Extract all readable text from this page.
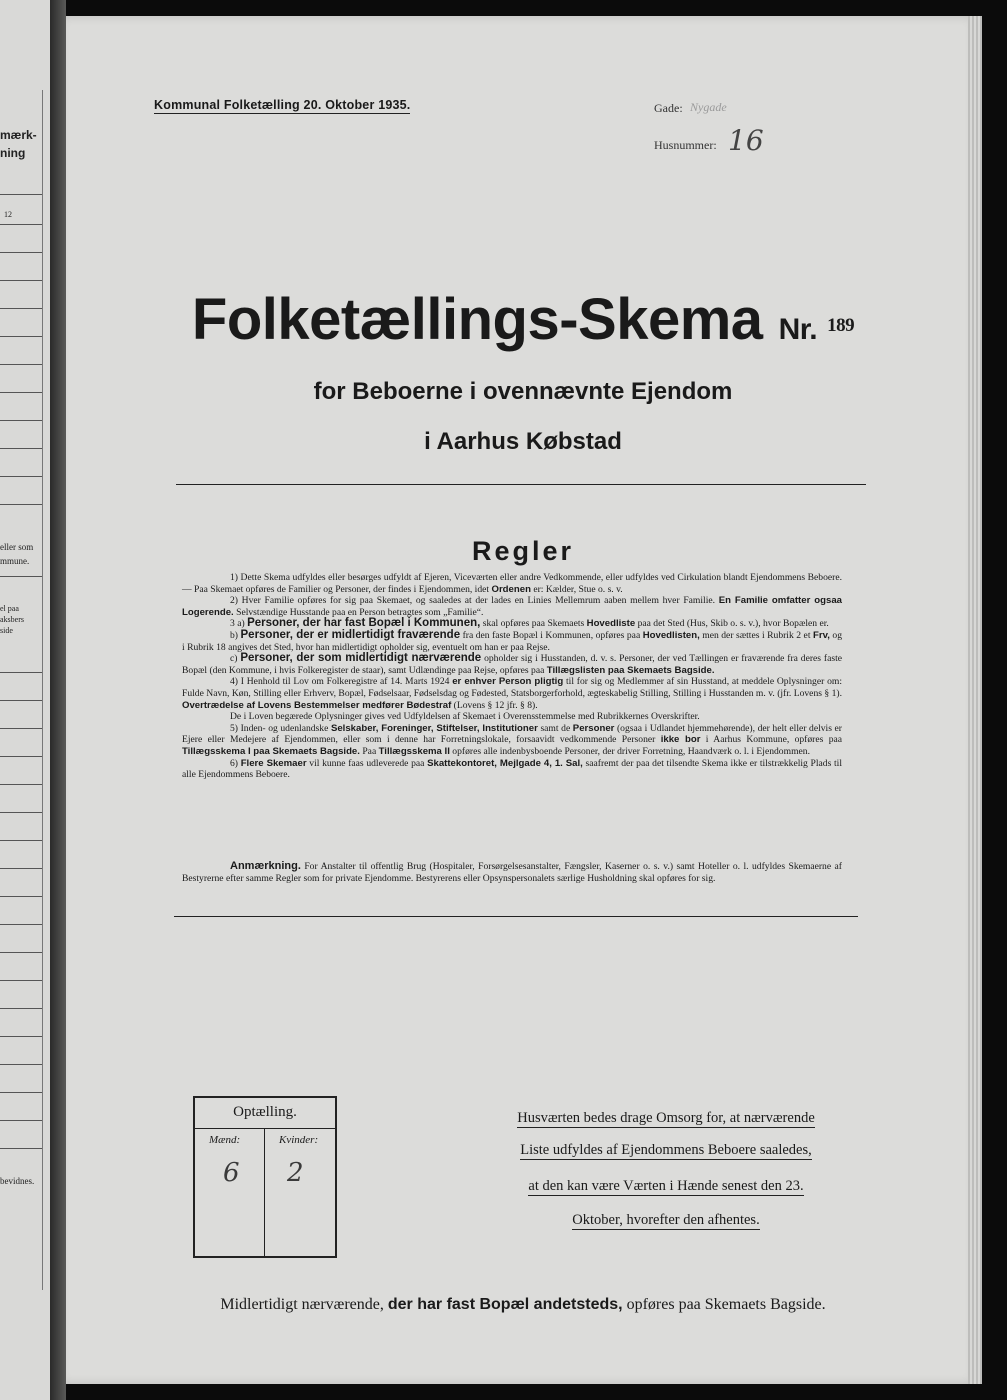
mærk-
ning
12
eller som
mmune.
el paa
aksbers
side
bevidnes.
Kommunal Folketælling 20. Oktober 1935.	Gade: Nygade
Husnummer: 16
Folketællings-Skema Nr. 189
for Beboerne i ovennævnte Ejendom
i Aarhus Købstad
Regler

1) Dette Skema udfyldes eller besørges udfyldt af Ejeren, Viceværten eller andre Vedkommende, eller udfyldes ved Cirkulation blandt Ejendommens Beboere. — Paa Skemaet opføres de Familier og Personer, der findes i Ejendommen, idet Ordenen er: Kælder, Stue o. s. v.

2) Hver Familie opføres for sig paa Skemaet, og saaledes at der lades en Linies Mellemrum aaben mellem hver Familie. En Familie omfatter ogsaa Logerende. Selvstændige Husstande paa en Person betragtes som „Familie“.

3 a) Personer, der har fast Bopæl i Kommunen, skal opføres paa Skemaets Hovedliste paa det Sted (Hus, Skib o. s. v.), hvor Bopælen er.

b) Personer, der er midlertidigt fraværende fra den faste Bopæl i Kommunen, opføres paa Hovedlisten, men der sættes i Rubrik 2 et Frv, og i Rubrik 18 angives det Sted, hvor han midlertidigt opholder sig, eventuelt om han er paa Rejse.

c) Personer, der som midlertidigt nærværende opholder sig i Husstanden, d. v. s. Personer, der ved Tællingen er fraværende fra deres faste Bopæl (den Kommune, i hvis Folkeregister de staar), samt Udlændinge paa Rejse, opføres paa Tillægslisten paa Skemaets Bagside.

4) I Henhold til Lov om Folkeregistre af 14. Marts 1924 er enhver Person pligtig til for sig og Medlemmer af sin Husstand, at meddele Oplysninger om: Fulde Navn, Køn, Stilling eller Erhverv, Bopæl, Fødselsaar, Fødselsdag og Fødested, Statsborgerforhold, ægteskabelig Stilling, Stilling i Husstanden m. v. (jfr. Lovens § 1). Overtrædelse af Lovens Bestemmelser medfører Bødestraf (Lovens § 12 jfr. § 8).

De i Loven begærede Oplysninger gives ved Udfyldelsen af Skemaet i Overensstemmelse med Rubrikkernes Overskrifter.

5) Inden- og udenlandske Selskaber, Foreninger, Stiftelser, Institutioner samt de Personer (ogsaa i Udlandet hjemmehørende), der helt eller delvis er Ejere eller Medejere af Ejendommen, eller som i denne har Forretningslokale, forsaavidt vedkommende Personer ikke bor i Aarhus Kommune, opføres paa Tillægsskema I paa Skemaets Bagside. Paa Tillægsskema II opføres alle indenbysboende Personer, der driver Forretning, Haandværk o. l. i Ejendommen.

6) Flere Skemaer vil kunne faas udleverede paa Skattekontoret, Mejlgade 4, 1. Sal, saafremt der paa det tilsendte Skema ikke er tilstrækkelig Plads til alle Ejendommens Beboere.

Anmærkning. For Anstalter til offentlig Brug (Hospitaler, Forsørgelsesanstalter, Fængsler, Kaserner o. s. v.) samt Hoteller o. l. udfyldes Skemaerne af Bestyrerne efter samme Regler som for private Ejendomme. Bestyrerens eller Opsynspersonalets særlige Husholdning skal opføres for sig.

Optælling.
Mænd:	Kvinder:
6 2
Husværten bedes drage Omsorg for, at nærværende
Liste udfyldes af Ejendommens Beboere saaledes,
at den kan være Værten i Hænde senest den 23.
Oktober, hvorefter den afhentes.
Midlertidigt nærværende, der har fast Bopæl andetsteds, opføres paa Skemaets Bagside.
